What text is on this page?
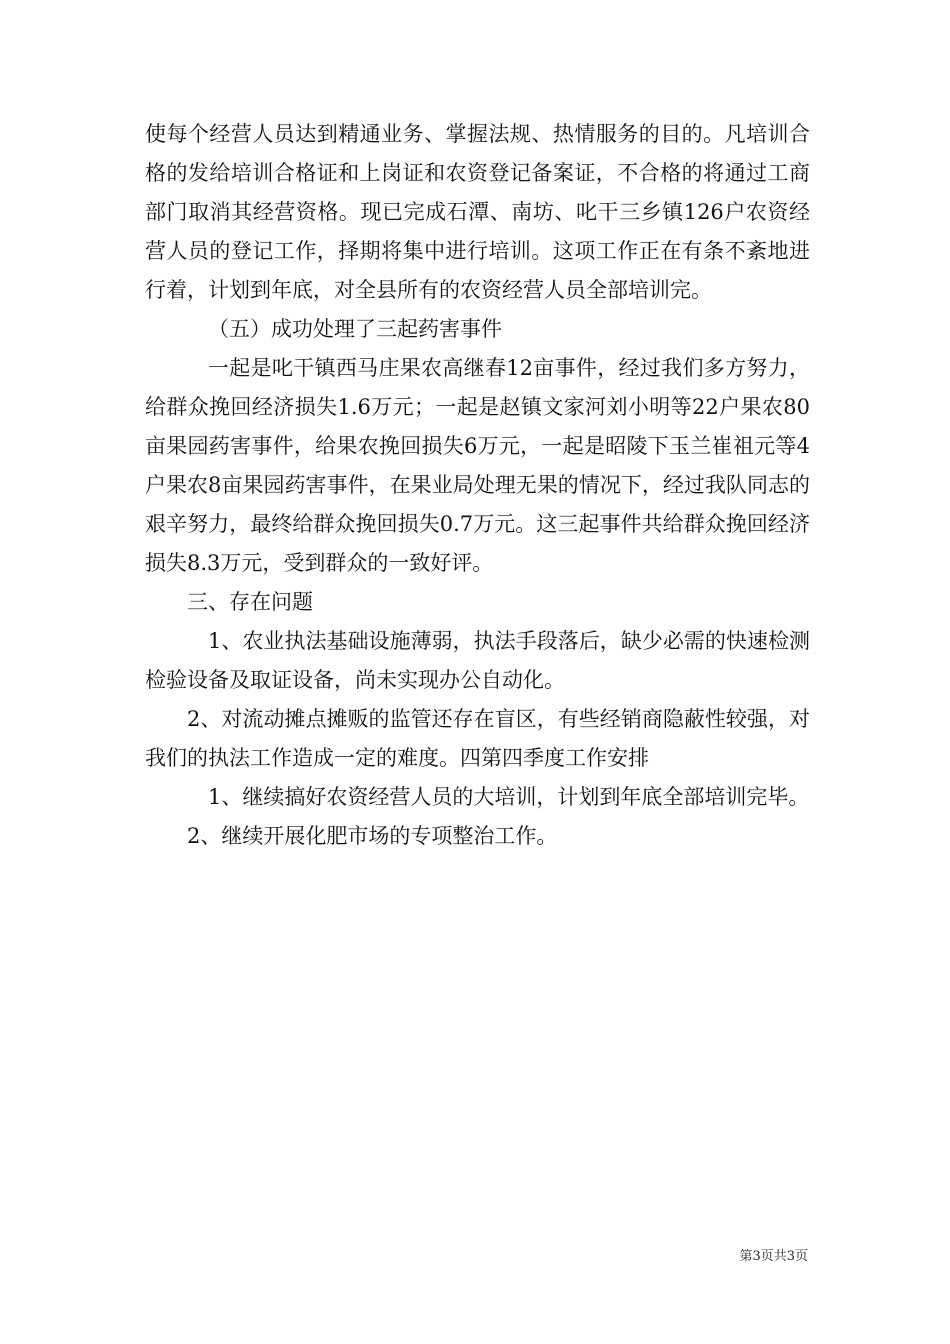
使每个经营人员达到精通业务、掌握法规、热情服务的目的。凡培训合格的发给培训合格证和上岗证和农资登记备案证，不合格的将通过工商部门取消其经营资格。现已完成石潭、南坊、叱干三乡镇126户农资经营人员的登记工作，择期将集中进行培训。这项工作正在有条不紊地进行着，计划到年底，对全县所有的农资经营人员全部培训完。

（五）成功处理了三起药害事件

一起是叱干镇西马庄果农高继春12亩事件，经过我们多方努力，给群众挽回经济损失1.6万元；一起是赵镇文家河刘小明等22户果农80亩果园药害事件，给果农挽回损失6万元，一起是昭陵下玉兰崔祖元等4户果农8亩果园药害事件，在果业局处理无果的情况下，经过我队同志的艰辛努力，最终给群众挽回损失0.7万元。这三起事件共给群众挽回经济损失8.3万元，受到群众的一致好评。

三、存在问题

1、农业执法基础设施薄弱，执法手段落后，缺少必需的快速检测检验设备及取证设备，尚未实现办公自动化。

2、对流动摊点摊贩的监管还存在盲区，有些经销商隐蔽性较强，对我们的执法工作造成一定的难度。四第四季度工作安排

1、继续搞好农资经营人员的大培训，计划到年底全部培训完毕。

2、继续开展化肥市场的专项整治工作。

第3页共3页
